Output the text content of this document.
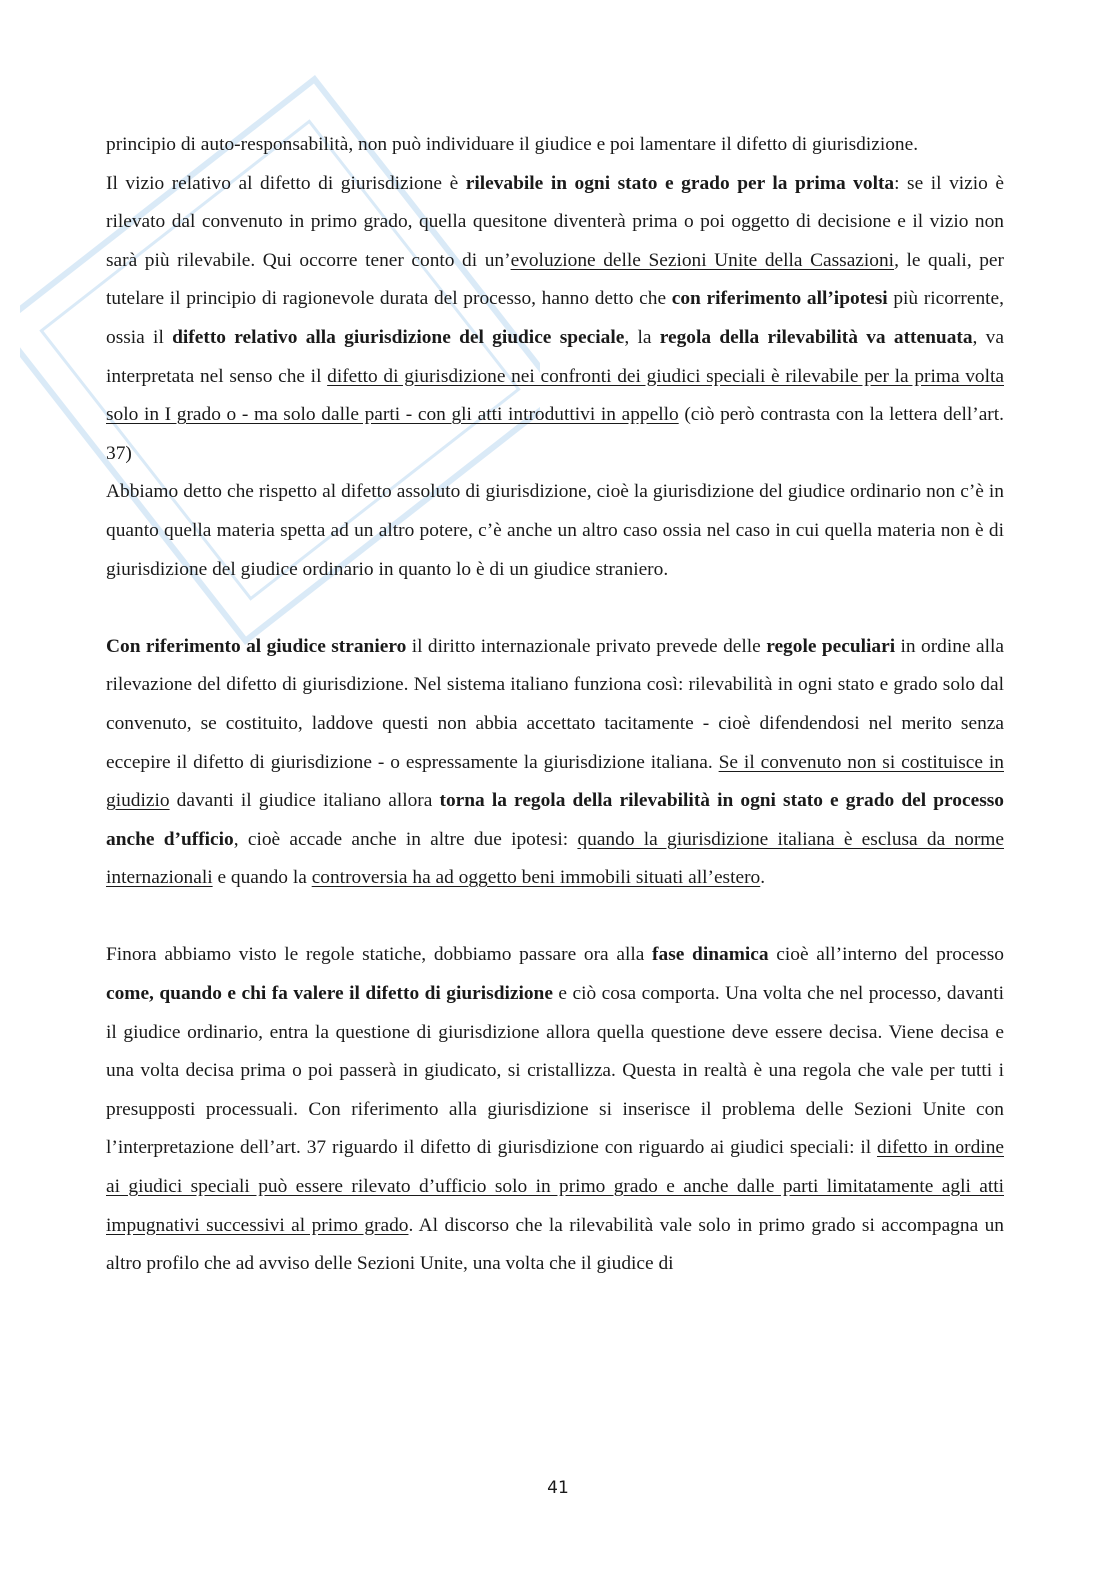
principio di auto-responsabilità, non può individuare il giudice e poi lamentare il difetto di giurisdizione.

Il vizio relativo al difetto di giurisdizione è rilevabile in ogni stato e grado per la prima volta: se il vizio è rilevato dal convenuto in primo grado, quella quesitone diventerà prima o poi oggetto di decisione e il vizio non sarà più rilevabile. Qui occorre tener conto di un’evoluzione delle Sezioni Unite della Cassazioni, le quali, per tutelare il principio di ragionevole durata del processo, hanno detto che con riferimento all’ipotesi più ricorrente, ossia il difetto relativo alla giurisdizione del giudice speciale, la regola della rilevabilità va attenuata, va interpretata nel senso che il difetto di giurisdizione nei confronti dei giudici speciali è rilevabile per la prima volta solo in I grado o - ma solo dalle parti - con gli atti introduttivi in appello (ciò però contrasta con la lettera dell’art. 37)

Abbiamo detto che rispetto al difetto assoluto di giurisdizione, cioè la giurisdizione del giudice ordinario non c’è in quanto quella materia spetta ad un altro potere, c’è anche un altro caso ossia nel caso in cui quella materia non è di giurisdizione del giudice ordinario in quanto lo è di un giudice straniero.

Con riferimento al giudice straniero il diritto internazionale privato prevede delle regole peculiari in ordine alla rilevazione del difetto di giurisdizione. Nel sistema italiano funziona così: rilevabilità in ogni stato e grado solo dal convenuto, se costituito, laddove questi non abbia accettato tacitamente - cioè difendendosi nel merito senza eccepire il difetto di giurisdizione - o espressamente la giurisdizione italiana. Se il convenuto non si costituisce in giudizio davanti il giudice italiano allora torna la regola della rilevabilità in ogni stato e grado del processo anche d’ufficio, cioè accade anche in altre due ipotesi: quando la giurisdizione italiana è esclusa da norme internazionali e quando la controversia ha ad oggetto beni immobili situati all’estero.

Finora abbiamo visto le regole statiche, dobbiamo passare ora alla fase dinamica cioè all’interno del processo come, quando e chi fa valere il difetto di giurisdizione e ciò cosa comporta. Una volta che nel processo, davanti il giudice ordinario, entra la questione di giurisdizione allora quella questione deve essere decisa. Viene decisa e una volta decisa prima o poi passerà in giudicato, si cristallizza. Questa in realtà è una regola che vale per tutti i presupposti processuali. Con riferimento alla giurisdizione si inserisce il problema delle Sezioni Unite con l’interpretazione dell’art. 37 riguardo il difetto di giurisdizione con riguardo ai giudici speciali: il difetto in ordine ai giudici speciali può essere rilevato d’ufficio solo in primo grado e anche dalle parti limitatamente agli atti impugnativi successivi al primo grado. Al discorso che la rilevabilità vale solo in primo grado si accompagna un altro profilo che ad avviso delle Sezioni Unite, una volta che il giudice di

41
